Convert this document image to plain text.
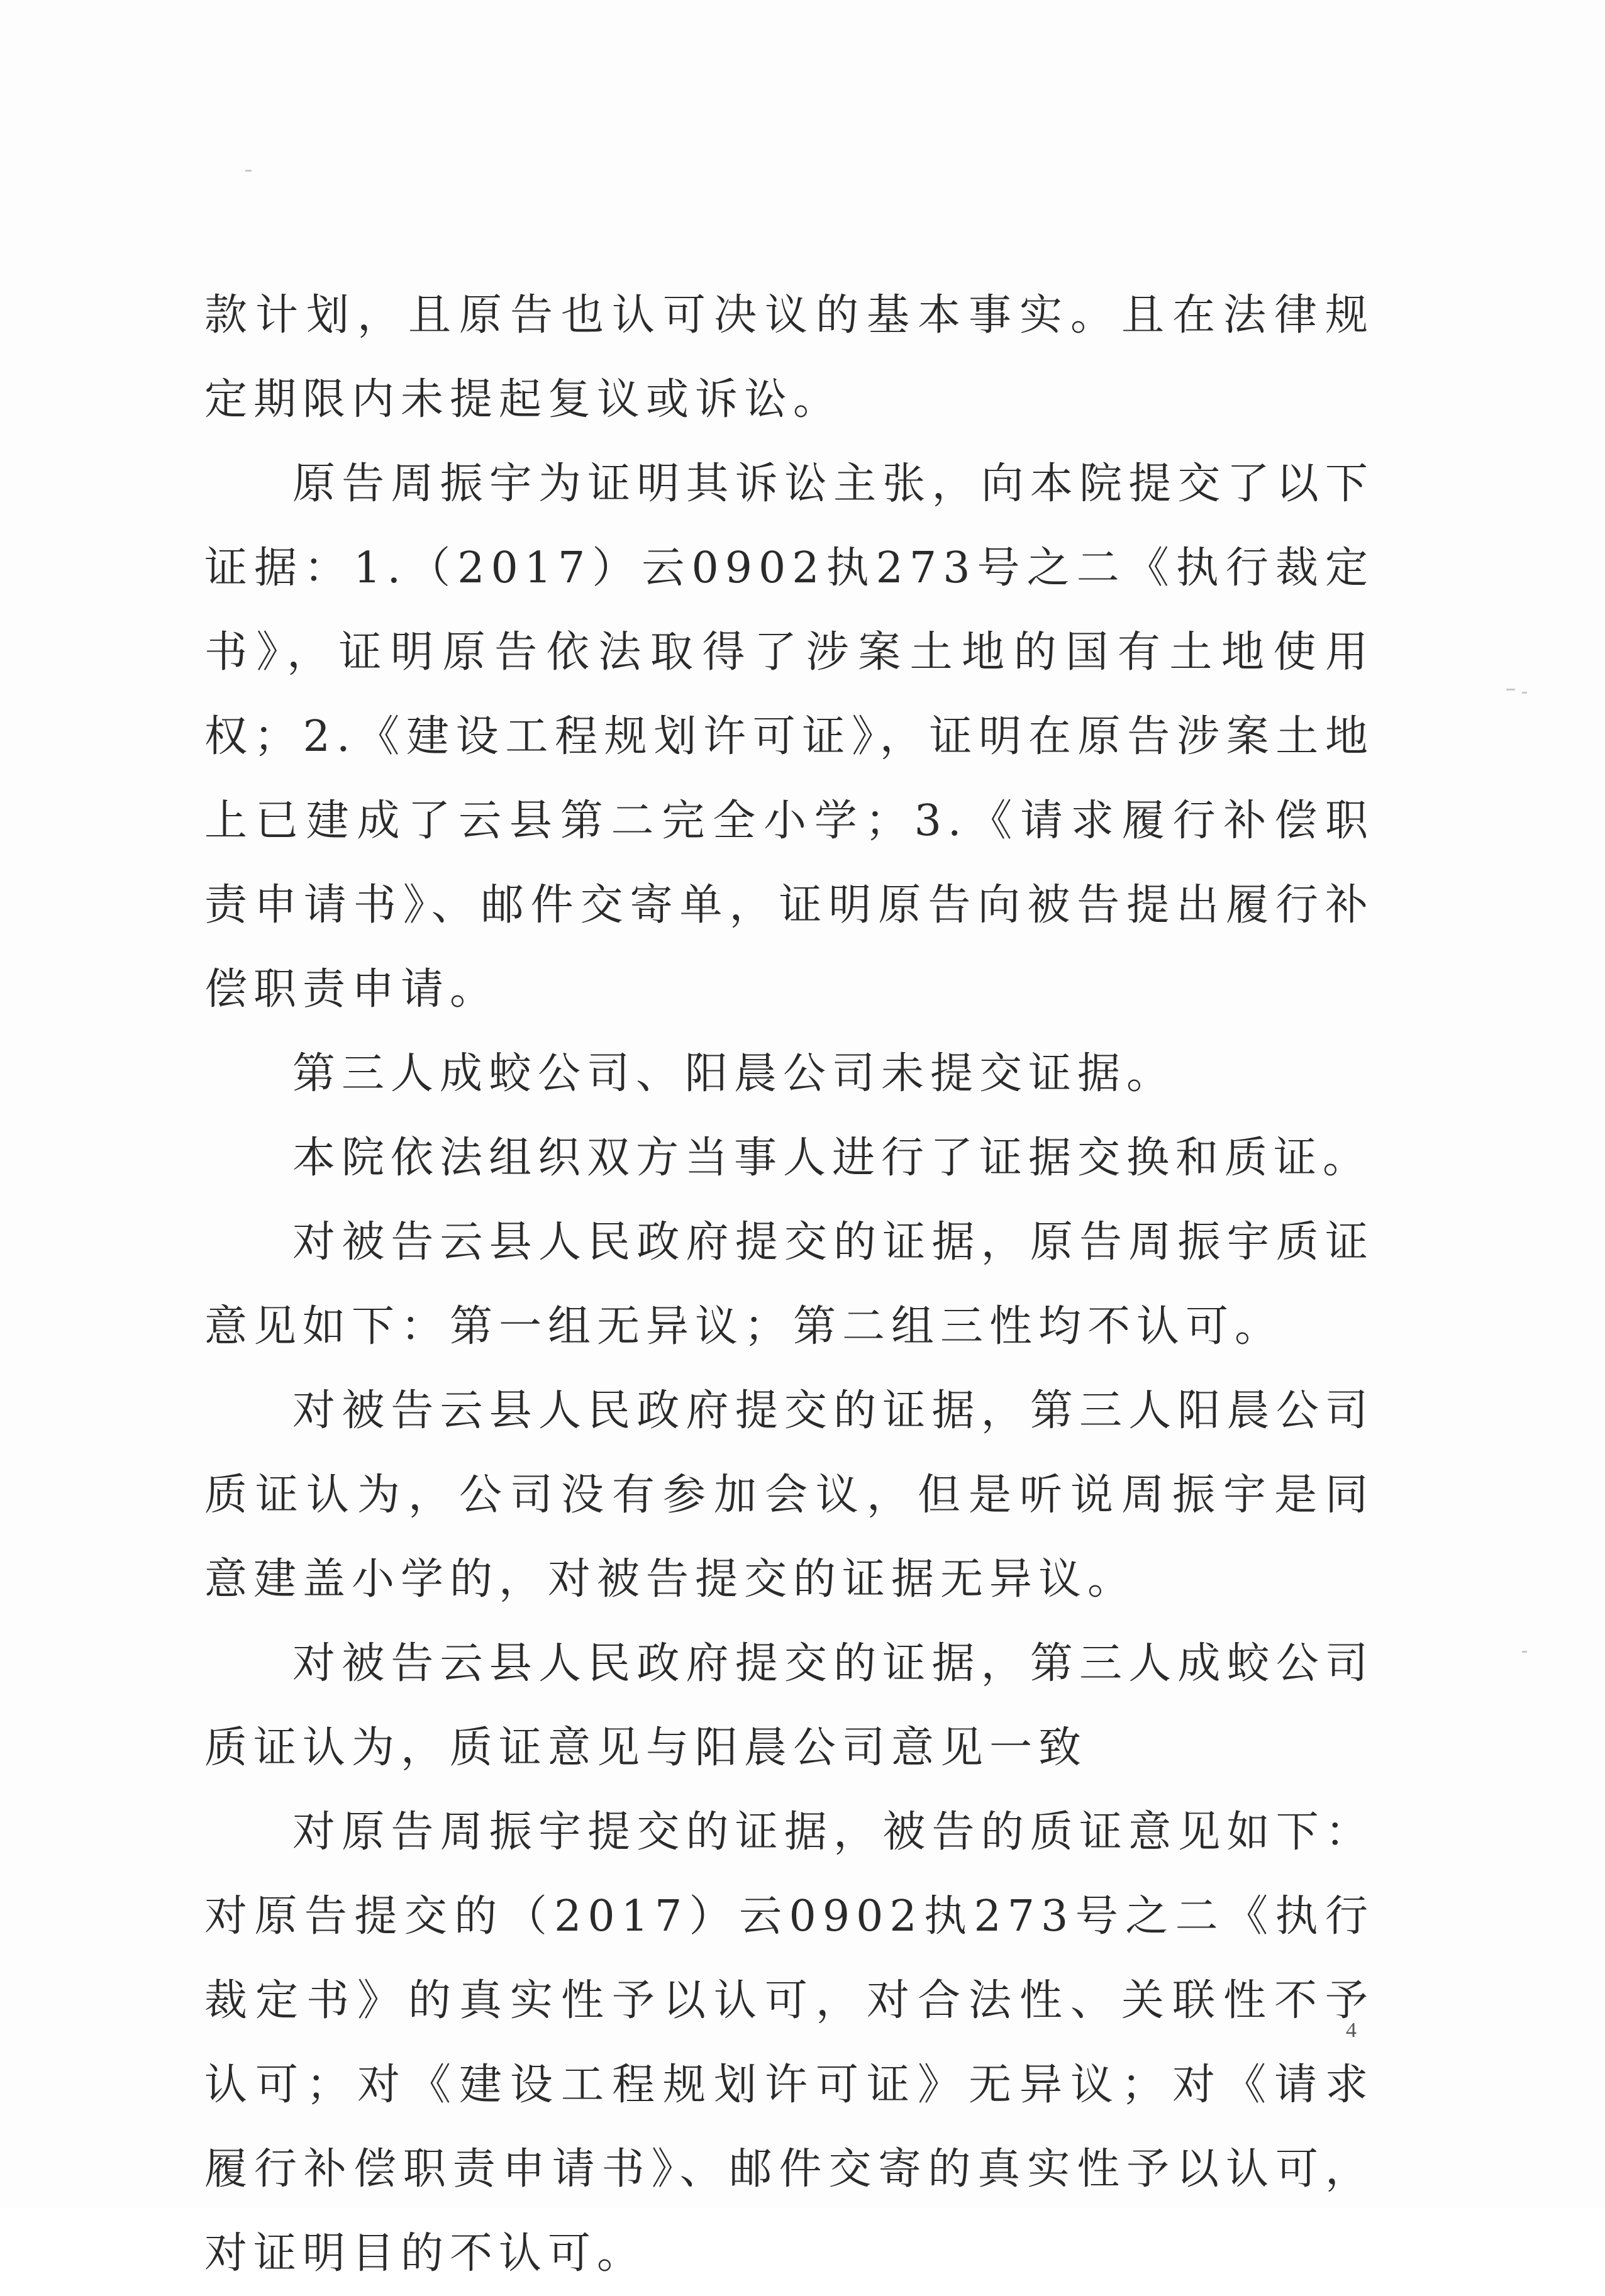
款计划，且原告也认可决议的基本事实。且在法律规定期限内未提起复议或诉讼。

原告周振宇为证明其诉讼主张，向本院提交了以下证据：1.（2017）云0902执273号之二《执行裁定书》，证明原告依法取得了涉案土地的国有土地使用权；2.《建设工程规划许可证》，证明在原告涉案土地上已建成了云县第二完全小学；3.《请求履行补偿职责申请书》、邮件交寄单，证明原告向被告提出履行补偿职责申请。

第三人成蛟公司、阳晨公司未提交证据。

本院依法组织双方当事人进行了证据交换和质证。

对被告云县人民政府提交的证据，原告周振宇质证意见如下：第一组无异议；第二组三性均不认可。

对被告云县人民政府提交的证据，第三人阳晨公司质证认为，公司没有参加会议，但是听说周振宇是同意建盖小学的，对被告提交的证据无异议。

对被告云县人民政府提交的证据，第三人成蛟公司质证认为，质证意见与阳晨公司意见一致

对原告周振宇提交的证据，被告的质证意见如下：对原告提交的（2017）云0902执273号之二《执行裁定书》的真实性予以认可，对合法性、关联性不予认可；对《建设工程规划许可证》无异议；对《请求履行补偿职责申请书》、邮件交寄的真实性予以认可，对证明目的不认可。

4
